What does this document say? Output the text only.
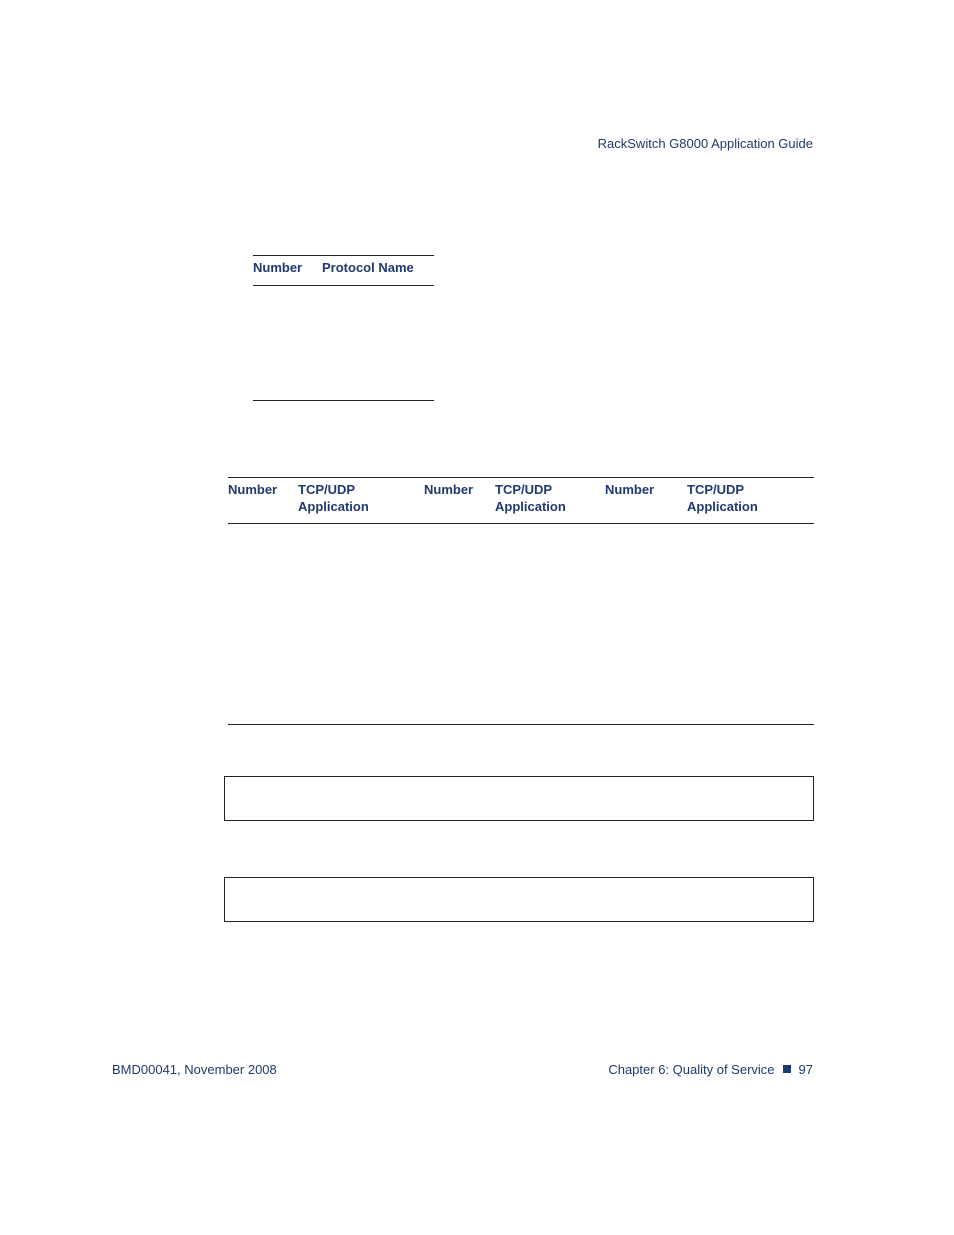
RackSwitch G8000 Application Guide
Number Protocol Name
Number TCP/UDP
Application
Number TCP/UDP
Application
Number	TCP/UDP
Application
BMD00041, November 2008	Chapter 6: Quality of Service 97
